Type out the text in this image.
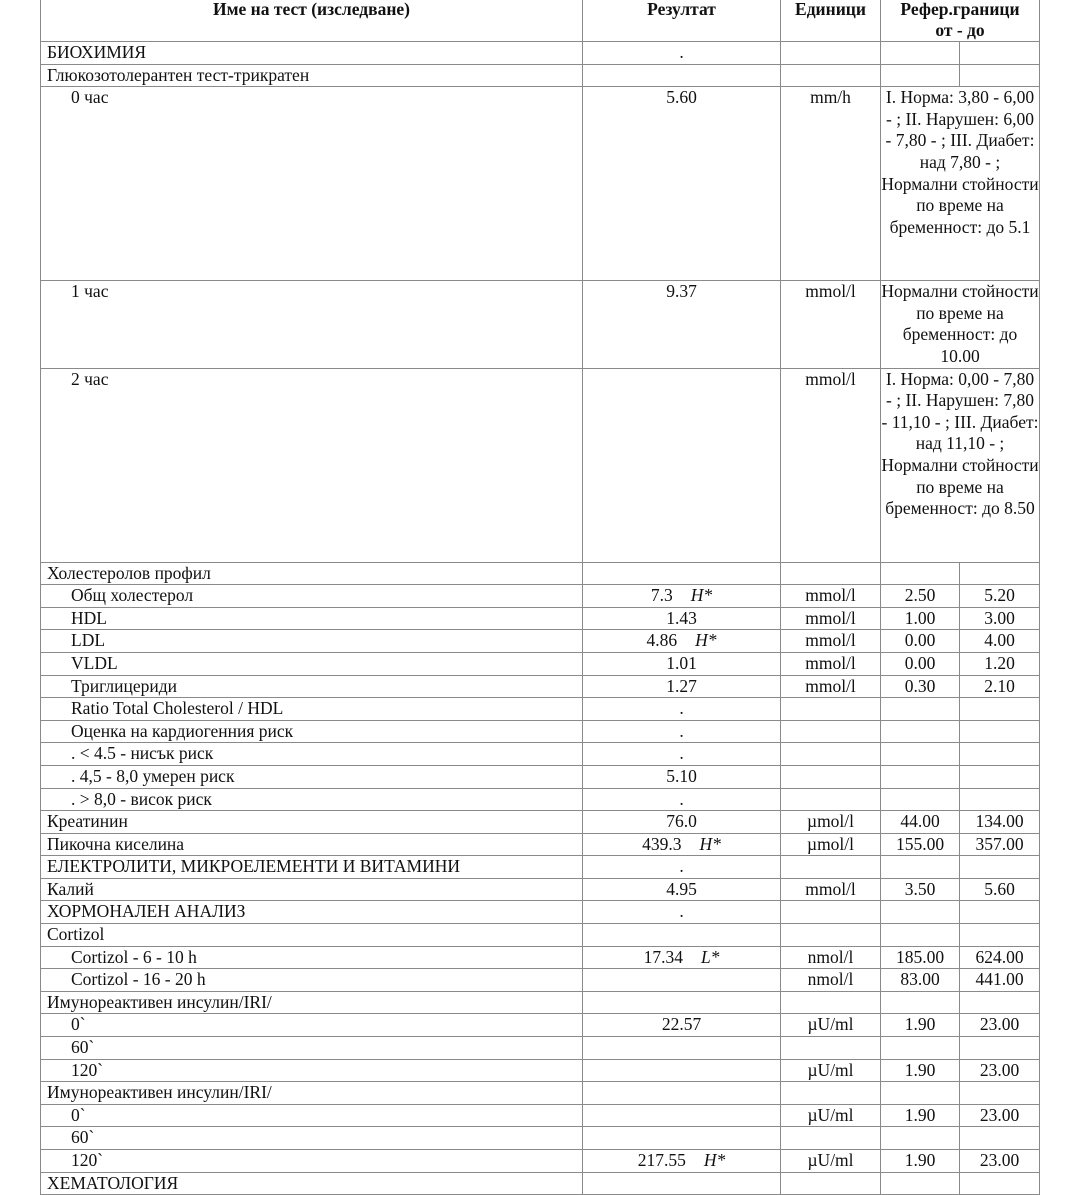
Име на тест (изследване)	Резултат	Единици	Рефер.граници
от - до	

БИОХИМИЯ	.			
Глюкозотолерантен тест-трикратен				
0 час	5.60	mm/h	I. Норма: 3,80 - 6,00 - ; II. Нарушен: 6,00 - 7,80 - ; III. Диабет: над 7,80 - ; Нормални стойности по време на бременност: до 5.1	
1 час	9.37	mmol/l	Нормални стойности по време на бременност: до 10.00	
2 час		mmol/l	I. Норма: 0,00 - 7,80 - ; II. Нарушен: 7,80 - 11,10 - ; III. Диабет: над 11,10 - ; Нормални стойности по време на бременност: до 8.50	
Холестеролов профил				
Общ холестерол	7.3 H*	mmol/l	2.50	5.20
HDL	1.43	mmol/l	1.00	3.00
LDL	4.86 H*	mmol/l	0.00	4.00
VLDL	1.01	mmol/l	0.00	1.20
Триглицериди	1.27	mmol/l	0.30	2.10
Ratio Total Cholesterol / HDL	.			
Оценка на кардиогенния риск	.			
. < 4.5 - нисък риск	.			
. 4,5 - 8,0 умерен риск	5.10			
. > 8,0 - висок риск	.			
Креатинин	76.0	µmol/l	44.00	134.00
Пикочна киселина	439.3 H*	µmol/l	155.00	357.00
ЕЛЕКТРОЛИТИ, МИКРОЕЛЕМЕНТИ И ВИТАМИНИ	.			
Калий	4.95	mmol/l	3.50	5.60
ХОРМОНАЛЕН АНАЛИЗ	.			
Cortizol				
Cortizol - 6 - 10 h	17.34 L*	nmol/l	185.00	624.00
Cortizol - 16 - 20 h		nmol/l	83.00	441.00
Имунореактивен инсулин/IRI/				
0`	22.57	µU/ml	1.90	23.00
60`				
120`		µU/ml	1.90	23.00
Имунореактивен инсулин/IRI/				
0`		µU/ml	1.90	23.00
60`				
120`	217.55 H*	µU/ml	1.90	23.00
ХЕМАТОЛОГИЯ				
